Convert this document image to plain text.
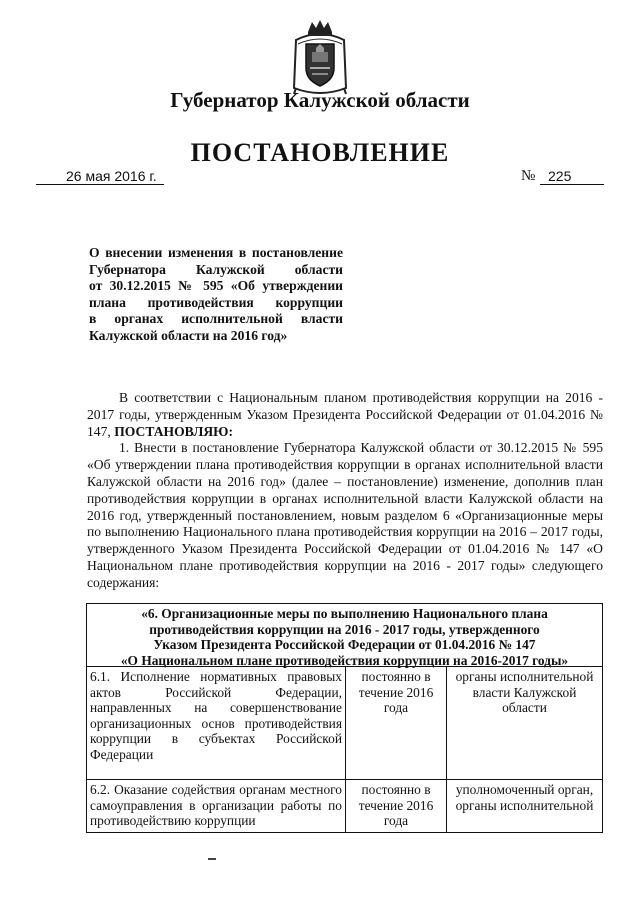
Губернатор Калужской области
ПОСТАНОВЛЕНИЕ
26 мая 2016 г.	№ 225
О внесении изменения в постановление
Губернатора Калужской области
от 30.12.2015 № 595 «Об утверждении
плана противодействия коррупции
в органах исполнительной власти
Калужской области на 2016 год»

В соответствии с Национальным планом противодействия коррупции на 2016 - 2017 годы, утвержденным Указом Президента Российской Федерации от 01.04.2016 № 147, ПОСТАНОВЛЯЮ:

1. Внести в постановление Губернатора Калужской области от 30.12.2015 № 595 «Об утверждении плана противодействия коррупции в органах исполнительной власти Калужской области на 2016 год» (далее – постановление) изменение, дополнив план противодействия коррупции в органах исполнительной власти Калужской области на 2016 год, утвержденный постановлением, новым разделом 6 «Организационные меры по выполнению Национального плана противодействия коррупции на 2016 – 2017 годы, утвержденного Указом Президента Российской Федерации от 01.04.2016 № 147 «О Национальном плане противодействия коррупции на 2016 - 2017 годы» следующего содержания:

«6. Организационные меры по выполнению Национального плана
противодействия коррупции на 2016 - 2017 годы, утвержденного
Указом Президента Российской Федерации от 01.04.2016 № 147
«О Национальном плане противодействия коррупции на 2016-2017 годы»
6.1. Исполнение нормативных правовых актов Российской Федерации, направленных на совершенствование организационных основ противодействия коррупции в субъектах Российской Федерации	постоянно в течение 2016 года	органы исполнительной власти Калужской области
6.2. Оказание содействия органам местного самоуправления в организации работы по противодействию коррупции	постоянно в течение 2016 года	уполномоченный орган, органы исполнительной
